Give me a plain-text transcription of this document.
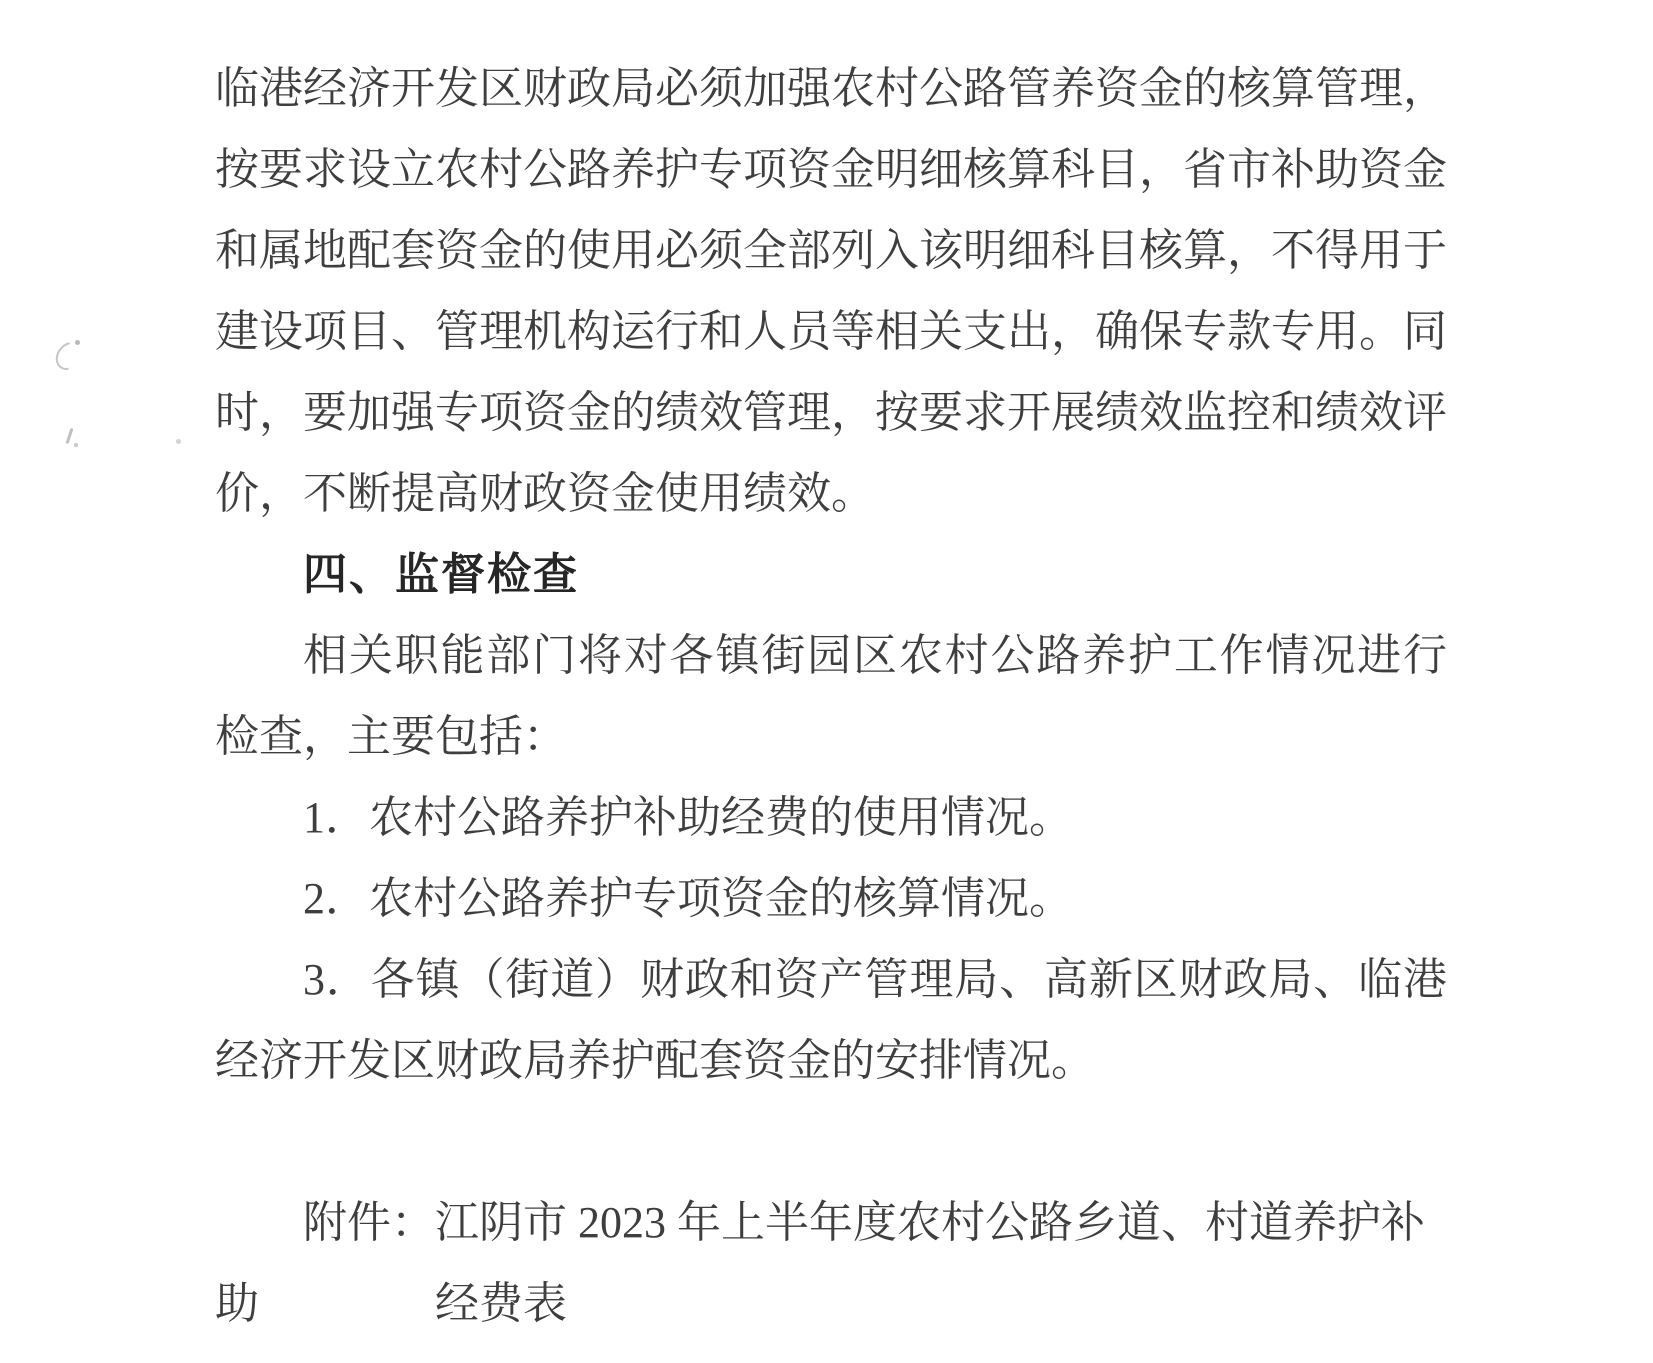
临港经济开发区财政局必须加强农村公路管养资金的核算管理，
按要求设立农村公路养护专项资金明细核算科目，省市补助资金
和属地配套资金的使用必须全部列入该明细科目核算，不得用于
建设项目、管理机构运行和人员等相关支出，确保专款专用。同
时，要加强专项资金的绩效管理，按要求开展绩效监控和绩效评
价，不断提高财政资金使用绩效。
四、监督检查
相关职能部门将对各镇街园区农村公路养护工作情况进行
检查，主要包括：
1．农村公路养护补助经费的使用情况。
2．农村公路养护专项资金的核算情况。
3．各镇（街道）财政和资产管理局、高新区财政局、临港
经济开发区财政局养护配套资金的安排情况。
附件：江阴市 2023 年上半年度农村公路乡道、村道养护补助	经费表
